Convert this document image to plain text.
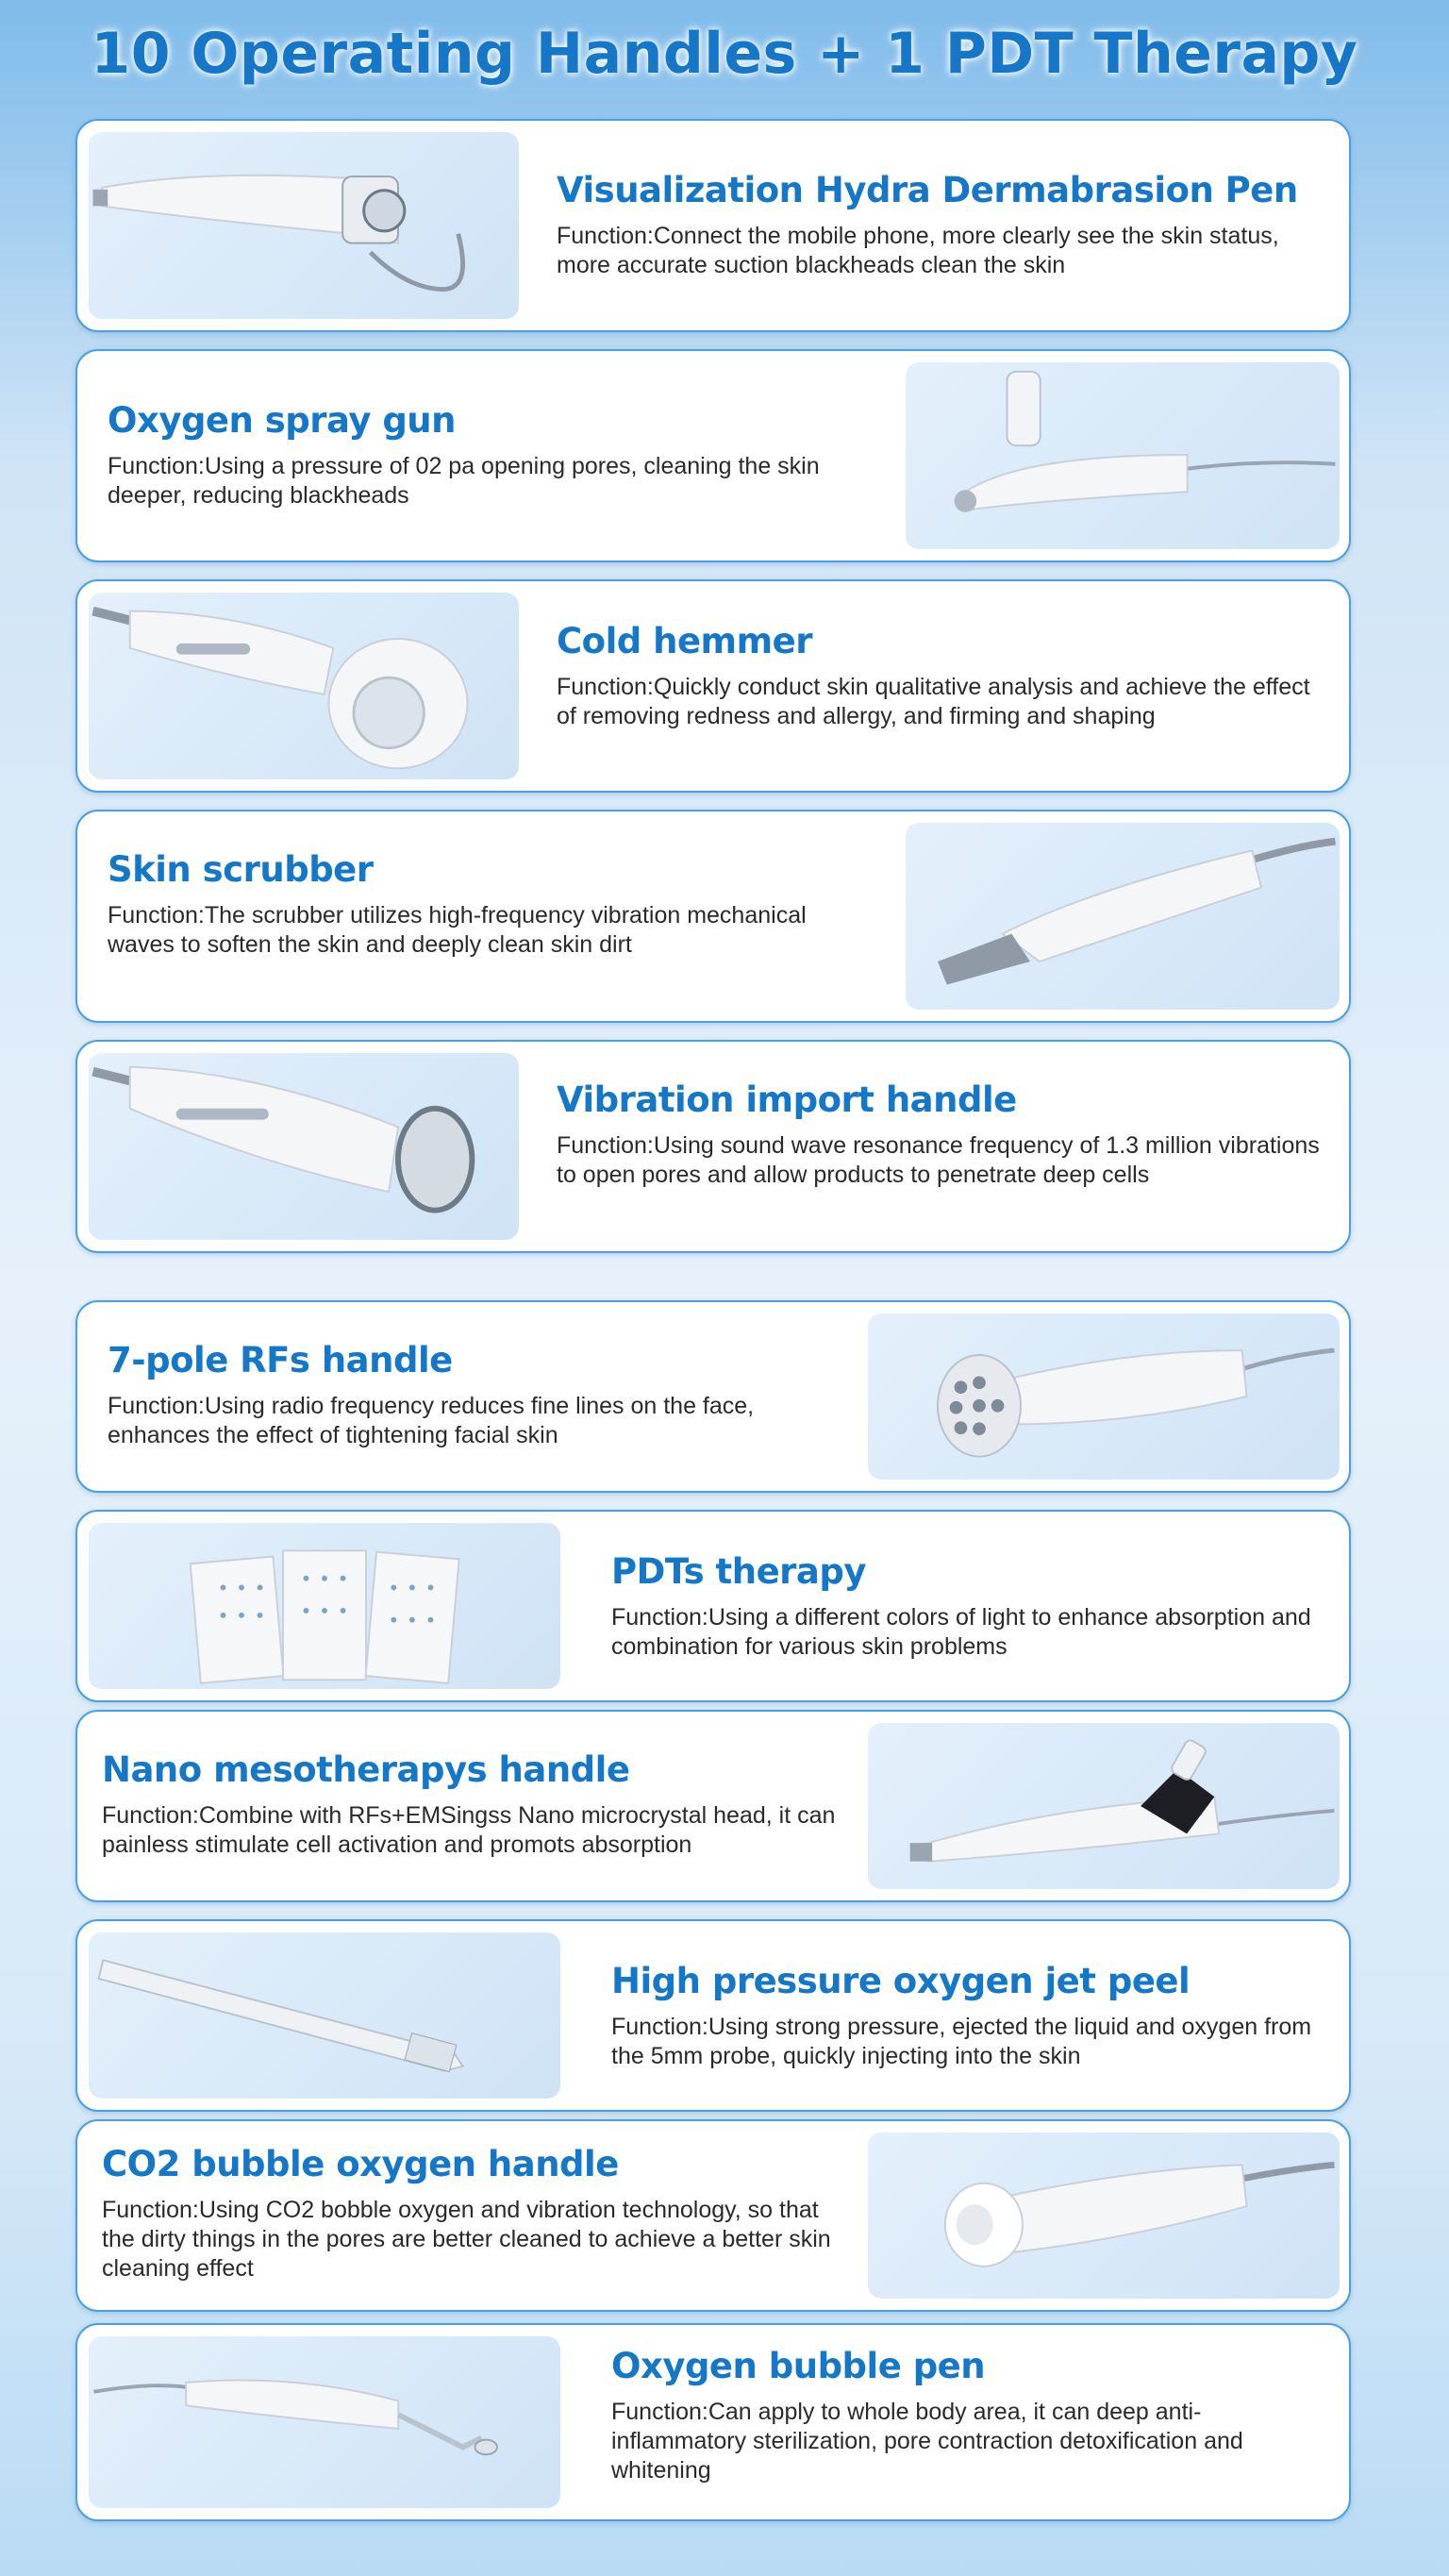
10 Operating Handles + 1 PDT Therapy

Visualization Hydra Dermabrasion Pen

Function:Connect the mobile phone, more clearly see the skin status, more accurate suction blackheads clean the skin

Oxygen spray gun

Function:Using a pressure of 02 pa opening pores, cleaning the skin deeper, reducing blackheads

Cold hemmer

Function:Quickly conduct skin qualitative analysis and achieve the effect of removing redness and allergy, and firming and shaping

Skin scrubber

Function:The scrubber utilizes high-frequency vibration mechanical waves to soften the skin and deeply clean skin dirt

Vibration import handle

Function:Using sound wave resonance frequency of 1.3 million vibrations to open pores and allow products to penetrate deep cells

7-pole RFs handle

Function:Using radio frequency reduces fine lines on the face, enhances the effect of tightening facial skin

PDTs therapy

Function:Using a different colors of light to enhance absorption and combination for various skin problems

Nano mesotherapys handle

Function:Combine with RFs+EMSingss Nano microcrystal head, it can painless stimulate cell activation and promots absorption

High pressure oxygen jet peel

Function:Using strong pressure, ejected the liquid and oxygen from the 5mm probe, quickly injecting into the skin

CO2 bubble oxygen handle

Function:Using CO2 bobble oxygen and vibration technology, so that the dirty things in the pores are better cleaned to achieve a better skin cleaning effect

Oxygen bubble pen

Function:Can apply to whole body area, it can deep anti-inflammatory sterilization, pore contraction detoxification and whitening
